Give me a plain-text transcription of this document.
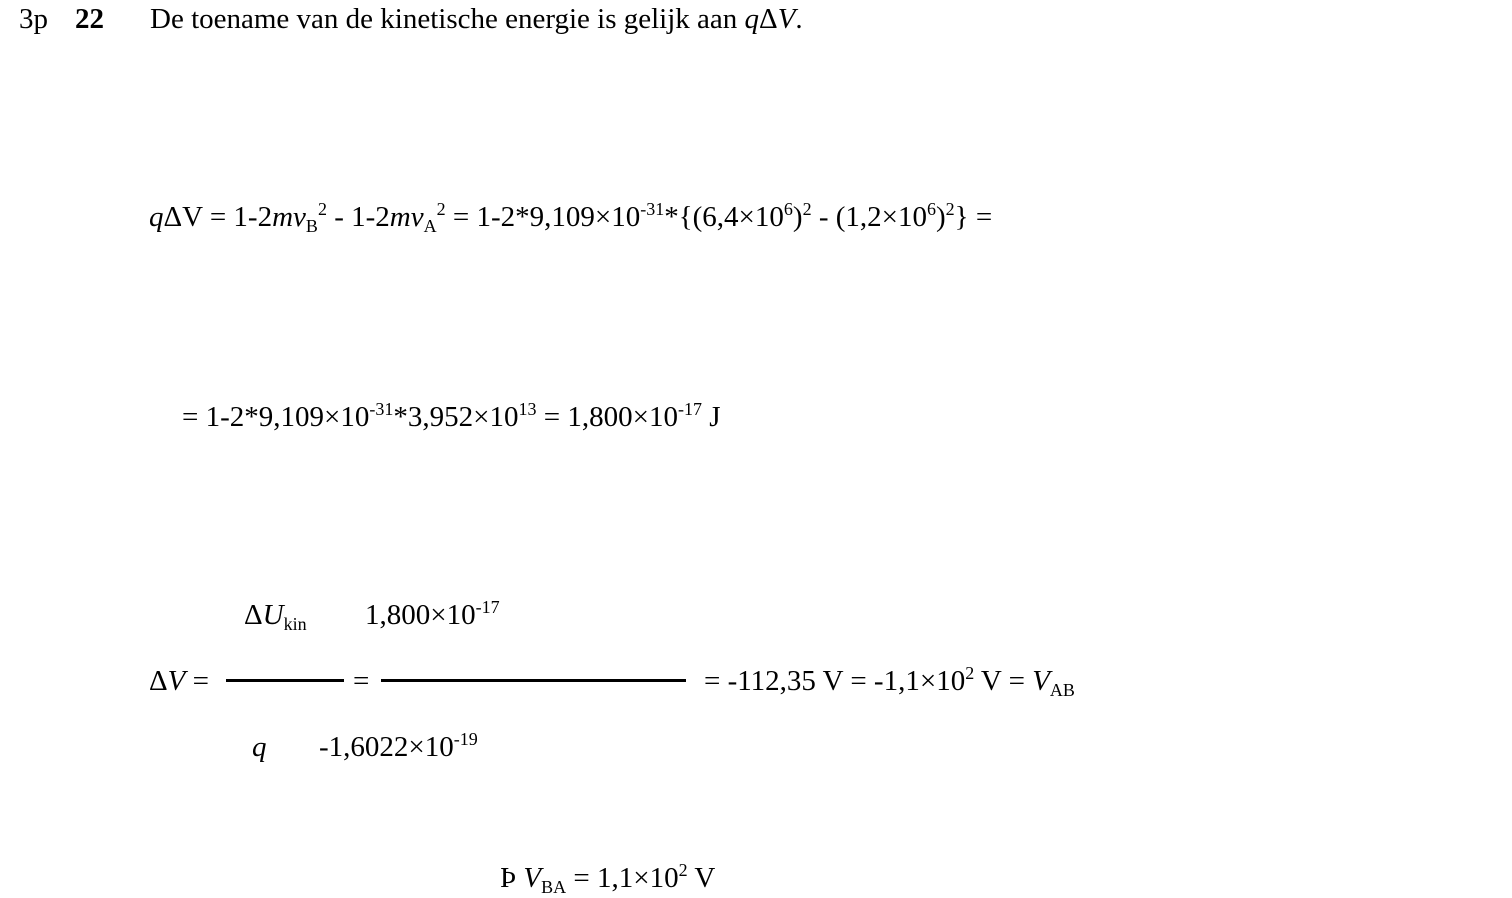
3p 22 De toename van de kinetische energie is gelijk aan qΔV.
$q\Delta V = 1-2mv_B^2 - 1-2mv_A^2 = 1-2*9,109\times 10^{-31}*\{(6,4\times 10^6)^2 - (1,2\times 10^6)^2\}$ =
= $1-2*9,109\times 10^{-31}*3,952\times 10^{13} = 1,800\times 10^{-17}$ J
$\Delta U_{kin}$ $1,800\times 10^{-17}$
ΔV =	=	= -112,35 $V = -1,1\times 10^2$ $V = V_{AB}$
q $-1,6022\times 10^{-19}$
Þ $V_{BA} = 1,1\times 10^2$ V
